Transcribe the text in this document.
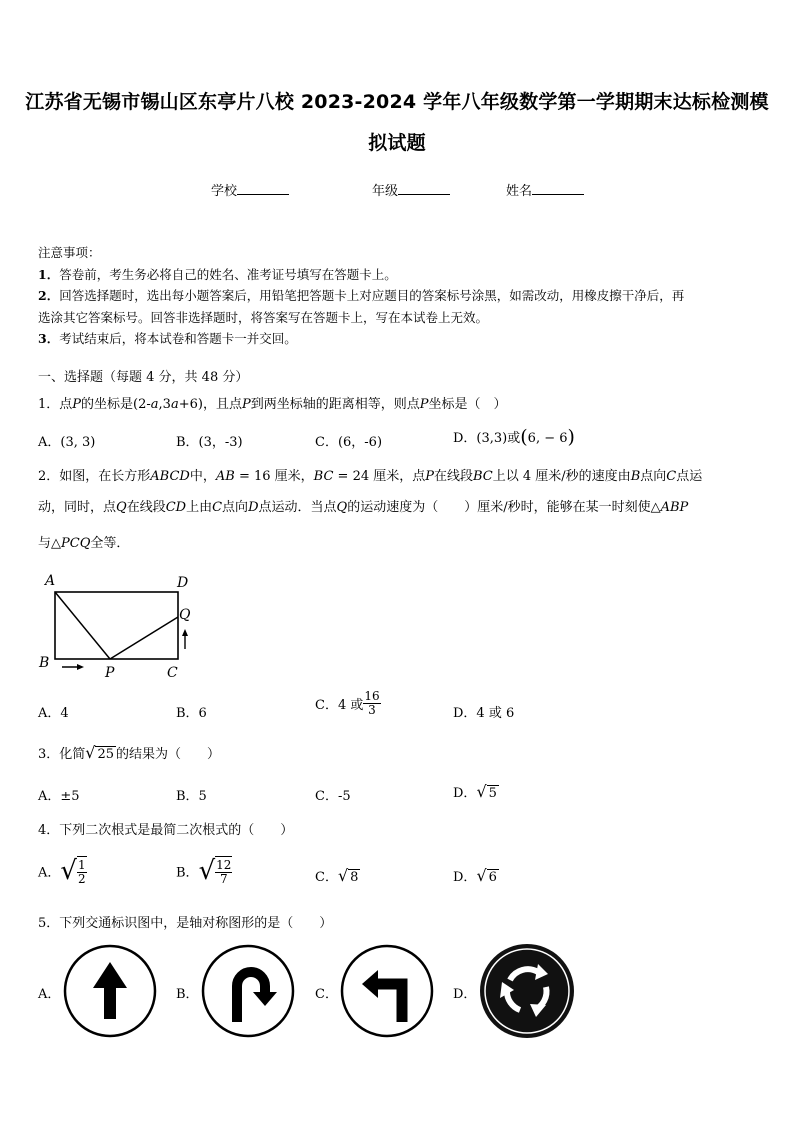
江苏省无锡市锡山区东亭片八校 2023-2024 学年八年级数学第一学期期末达标检测模
拟试题
学校	年级	姓名
注意事项：
1．答卷前，考生务必将自己的姓名、准考证号填写在答题卡上。
2．回答选择题时，选出每小题答案后，用铅笔把答题卡上对应题目的答案标号涂黑，如需改动，用橡皮擦干净后，再
选涂其它答案标号。回答非选择题时，将答案写在答题卡上，写在本试卷上无效。
3．考试结束后，将本试卷和答题卡一并交回。
一、选择题（每题 4 分，共 48 分）
1．点P的坐标是(2-a,3a+6)，且点P到两坐标轴的距离相等，则点P坐标是（　）
A．(3, 3)	B．(3，-3)	C．(6，-6)	D．(3,3)或(6, − 6)
2．如图，在长方形ABCD中，AB = 16 厘米，BC = 24 厘米，点P在线段BC上以 4 厘米/秒的速度由B点向C点运
动，同时，点Q在线段CD上由C点向D点运动．当点Q的运动速度为（　　）厘米/秒时，能够在某一时刻使△ABP
与△PCQ全等．
A	D
B
C
P
Q
A．4	B．6
C．4 或 $\frac{16}{3}$	D．4 或 6
3．化简√ 25 的结果为（　　）
A．±5	B．5	C．-5	D．√ 5
4．下列二次根式是最简二次根式的（　　）
A．√ $\frac{1}{2}$	B．√ $\frac{12}{7}$	C．√ 8	D．√ 6
5．下列交通标识图中，是轴对称图形的是（　　）
A．	B．	C．	D．
